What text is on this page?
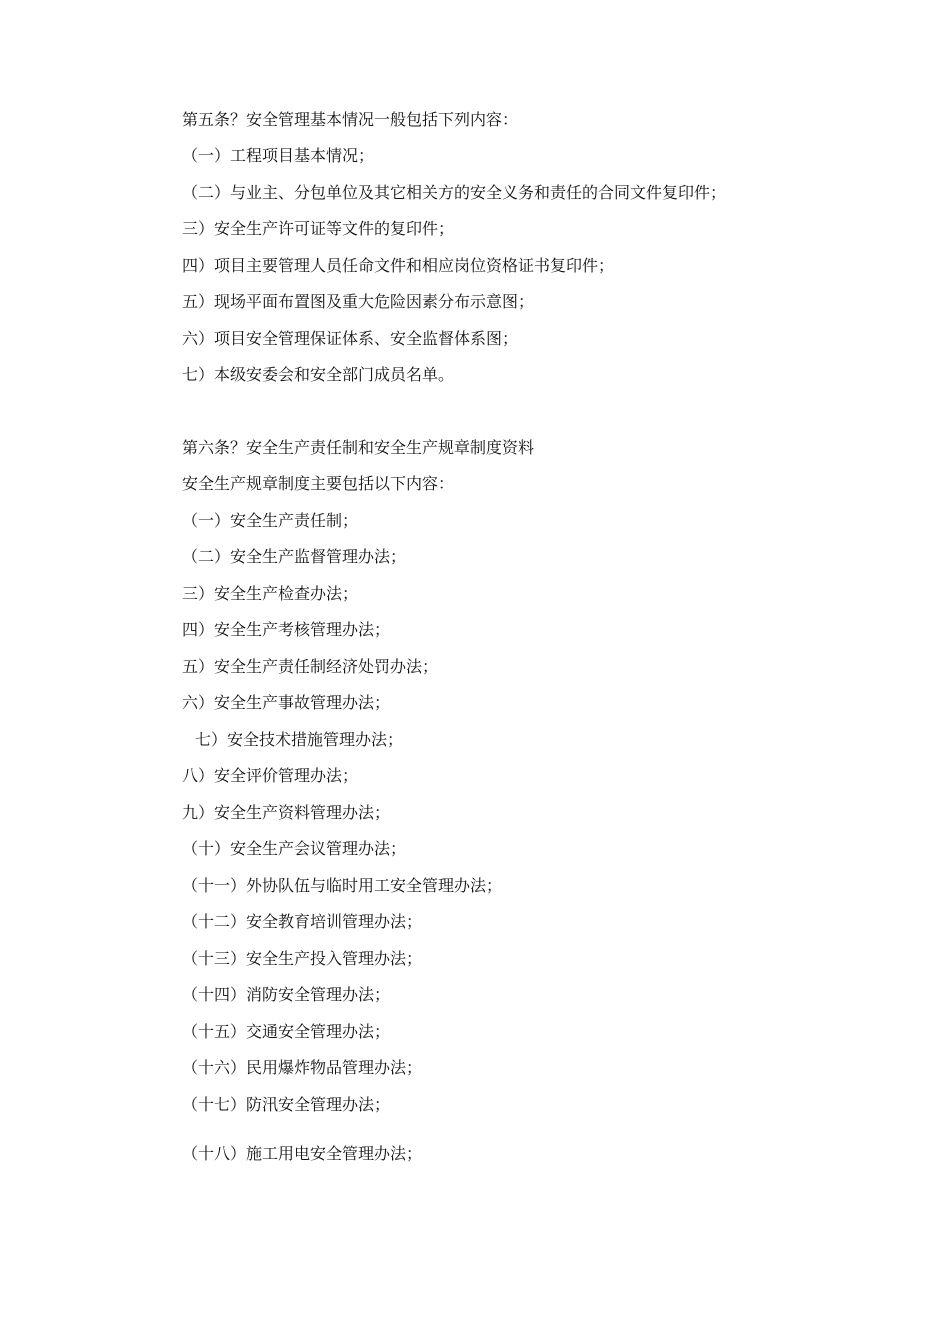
第五条？安全管理基本情况一般包括下列内容：
（一）工程项目基本情况；
（二）与业主、分包单位及其它相关方的安全义务和责任的合同文件复印件；
三）安全生产许可证等文件的复印件；
四）项目主要管理人员任命文件和相应岗位资格证书复印件；
五）现场平面布置图及重大危险因素分布示意图；
六）项目安全管理保证体系、安全监督体系图；
七）本级安委会和安全部门成员名单。
第六条？安全生产责任制和安全生产规章制度资料
安全生产规章制度主要包括以下内容：
（一）安全生产责任制；
（二）安全生产监督管理办法；
三）安全生产检查办法；
四）安全生产考核管理办法；
五）安全生产责任制经济处罚办法；
六）安全生产事故管理办法；
七）安全技术措施管理办法；
八）安全评价管理办法；
九）安全生产资料管理办法；
（十）安全生产会议管理办法；
（十一）外协队伍与临时用工安全管理办法；
（十二）安全教育培训管理办法；
（十三）安全生产投入管理办法；
（十四）消防安全管理办法；
（十五）交通安全管理办法；
（十六）民用爆炸物品管理办法；
（十七）防汛安全管理办法；
（十八）施工用电安全管理办法；
